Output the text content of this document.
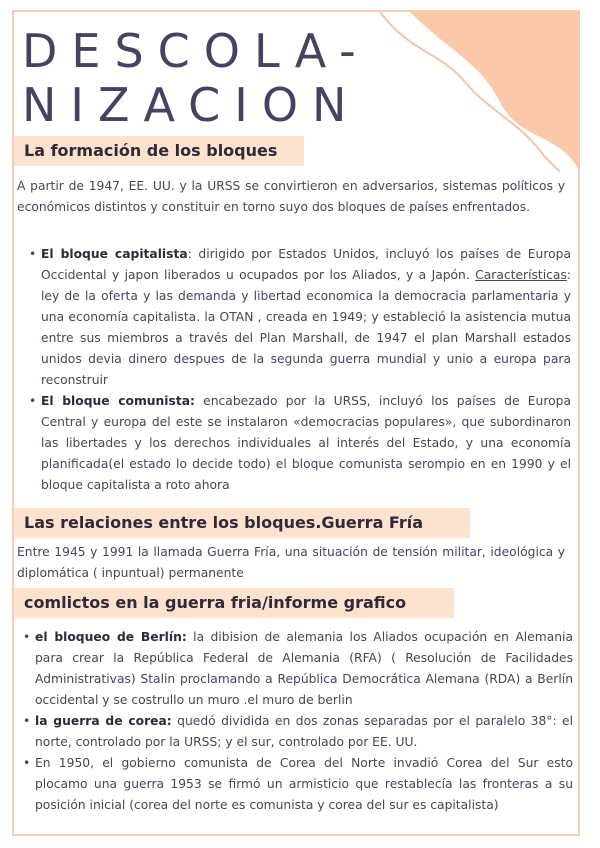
DESCOLA-
NIZACION
La formación de los bloques

A partir de 1947, EE. UU. y la URSS se convirtieron en adversarios, sistemas políticos y económicos distintos y constituir en torno suyo dos bloques de países enfrentados.

• El bloque capitalista: dirigido por Estados Unidos, incluyó los países de Europa Occidental y japon liberados u ocupados por los Aliados, y a Japón. Características: ley de la oferta y las demanda y libertad economica la democracia parlamentaria y una economía capitalista. la OTAN , creada en 1949; y estableció la asistencia mutua entre sus miembros a través del Plan Marshall, de 1947 el plan Marshall estados unidos devia dinero despues de la segunda guerra mundial y unio a europa para reconstruir
• El bloque comunista: encabezado por la URSS, incluyó los países de Europa Central y europa del este se instalaron «democracias populares», que subordinaron las libertades y los derechos individuales al interés del Estado, y una economía planificada(el estado lo decide todo) el bloque comunista serompio en en 1990 y el bloque capitalista a roto ahora
Las relaciones entre los bloques.Guerra Fría

Entre 1945 y 1991 la llamada Guerra Fría, una situación de tensión militar, ideológica y diplomática ( inpuntual) permanente

comlictos en la guerra fria/informe grafico
• el bloqueo de Berlín: la dibision de alemania los Aliados ocupación en Alemania para crear la República Federal de Alemania (RFA) ( Resolución de Facilidades Administrativas) Stalin proclamando a República Democrática Alemana (RDA) a Berlín occidental y se costrullo un muro .el muro de berlin
• la guerra de corea: quedó dividida en dos zonas separadas por el paralelo 38°: el norte, controlado por la URSS; y el sur, controlado por EE. UU.
• En 1950, el gobierno comunista de Corea del Norte invadió Corea del Sur esto plocamo una guerra 1953 se firmó un armisticio que restablecía las fronteras a su posición inicial (corea del norte es comunista y corea del sur es capitalista)
